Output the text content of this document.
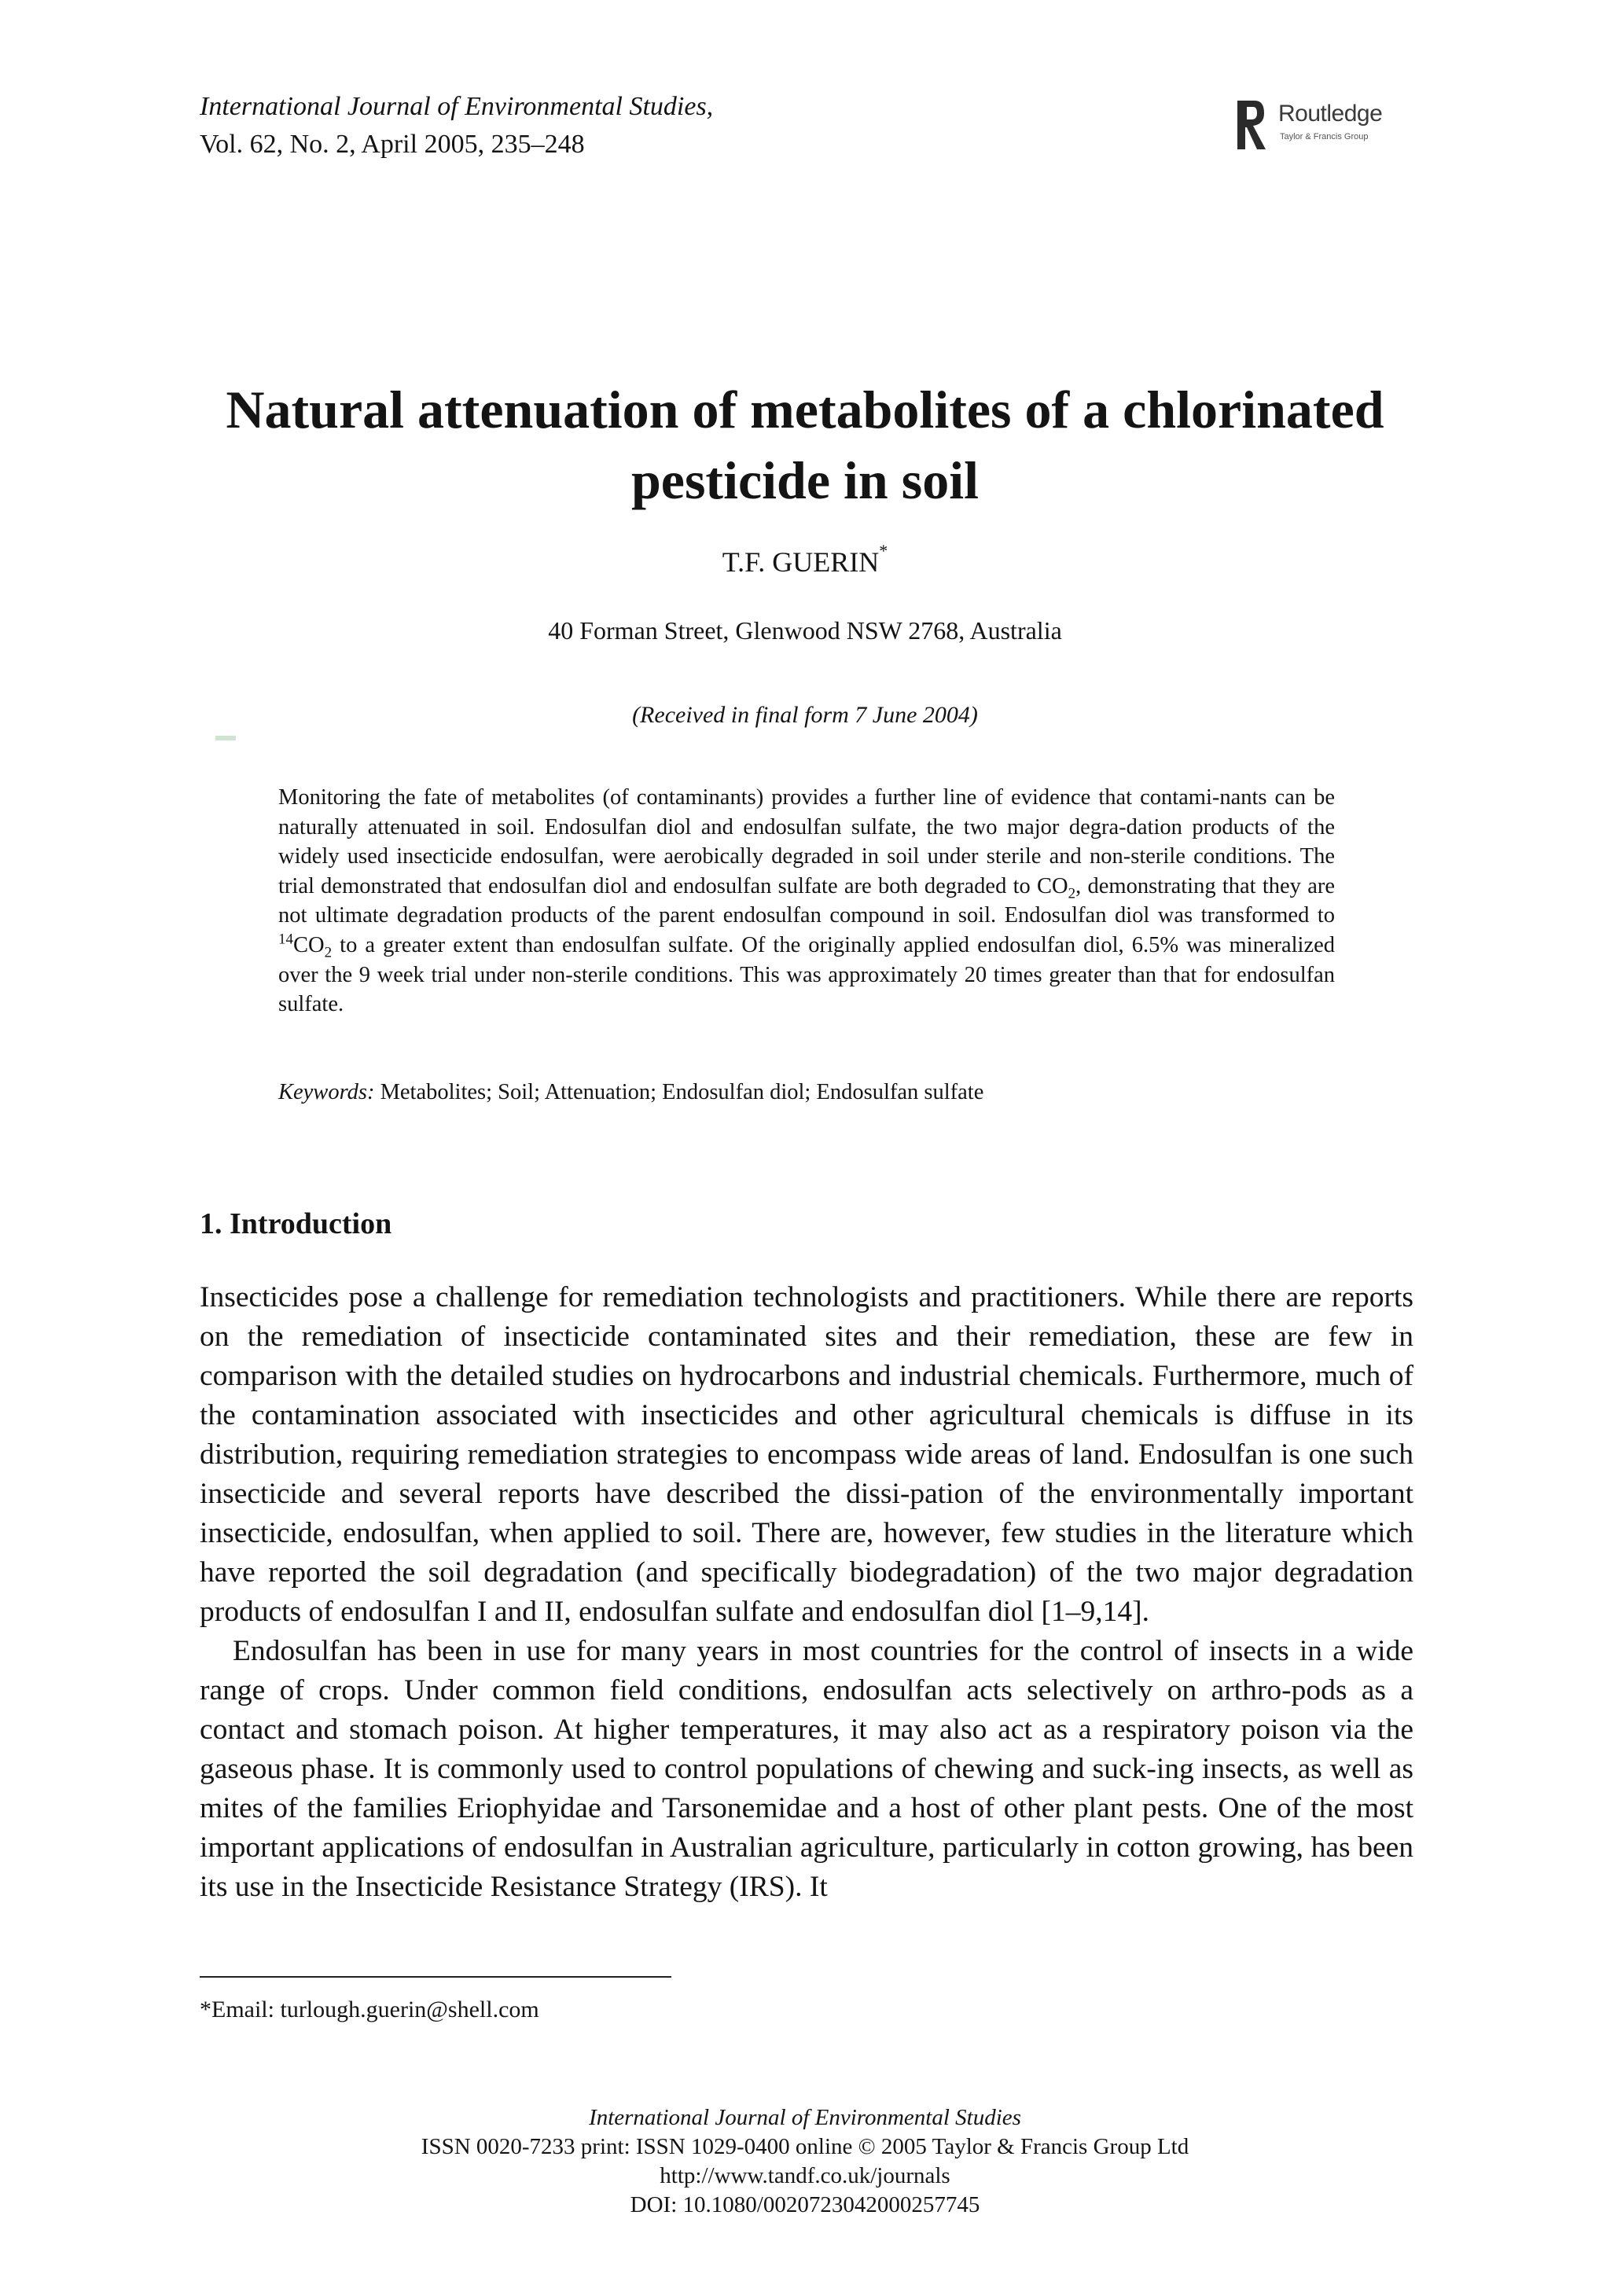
International Journal of Environmental Studies,
Vol. 62, No. 2, April 2005, 235–248
Routledge
Taylor & Francis Group
Natural attenuation of metabolites of a chlorinated pesticide in soil
T.F. GUERIN*
40 Forman Street, Glenwood NSW 2768, Australia
(Received in final form 7 June 2004)
Monitoring the fate of metabolites (of contaminants) provides a further line of evidence that contami-nants can be naturally attenuated in soil. Endosulfan diol and endosulfan sulfate, the two major degra-dation products of the widely used insecticide endosulfan, were aerobically degraded in soil under sterile and non-sterile conditions. The trial demonstrated that endosulfan diol and endosulfan sulfate are both degraded to $CO_2$, demonstrating that they are not ultimate degradation products of the parent endosulfan compound in soil. Endosulfan diol was transformed to $^{14}CO_2$ to a greater extent than endosulfan sulfate. Of the originally applied endosulfan diol, 6.5% was mineralized over the 9 week trial under non-sterile conditions. This was approximately 20 times greater than that for endosulfan sulfate.
Keywords: Metabolites; Soil; Attenuation; Endosulfan diol; Endosulfan sulfate
1. Introduction

Insecticides pose a challenge for remediation technologists and practitioners. While there are reports on the remediation of insecticide contaminated sites and their remediation, these are few in comparison with the detailed studies on hydrocarbons and industrial chemicals. Furthermore, much of the contamination associated with insecticides and other agricultural chemicals is diffuse in its distribution, requiring remediation strategies to encompass wide areas of land. Endosulfan is one such insecticide and several reports have described the dissi-pation of the environmentally important insecticide, endosulfan, when applied to soil. There are, however, few studies in the literature which have reported the soil degradation (and specifically biodegradation) of the two major degradation products of endosulfan I and II, endosulfan sulfate and endosulfan diol [1–9,14].

Endosulfan has been in use for many years in most countries for the control of insects in a wide range of crops. Under common field conditions, endosulfan acts selectively on arthro-pods as a contact and stomach poison. At higher temperatures, it may also act as a respiratory poison via the gaseous phase. It is commonly used to control populations of chewing and suck-ing insects, as well as mites of the families Eriophyidae and Tarsonemidae and a host of other plant pests. One of the most important applications of endosulfan in Australian agriculture, particularly in cotton growing, has been its use in the Insecticide Resistance Strategy (IRS). It

*Email: turlough.guerin@shell.com
International Journal of Environmental Studies
ISSN 0020-7233 print: ISSN 1029-0400 online © 2005 Taylor & Francis Group Ltd
http://www.tandf.co.uk/journals
DOI: 10.1080/0020723042000257745
